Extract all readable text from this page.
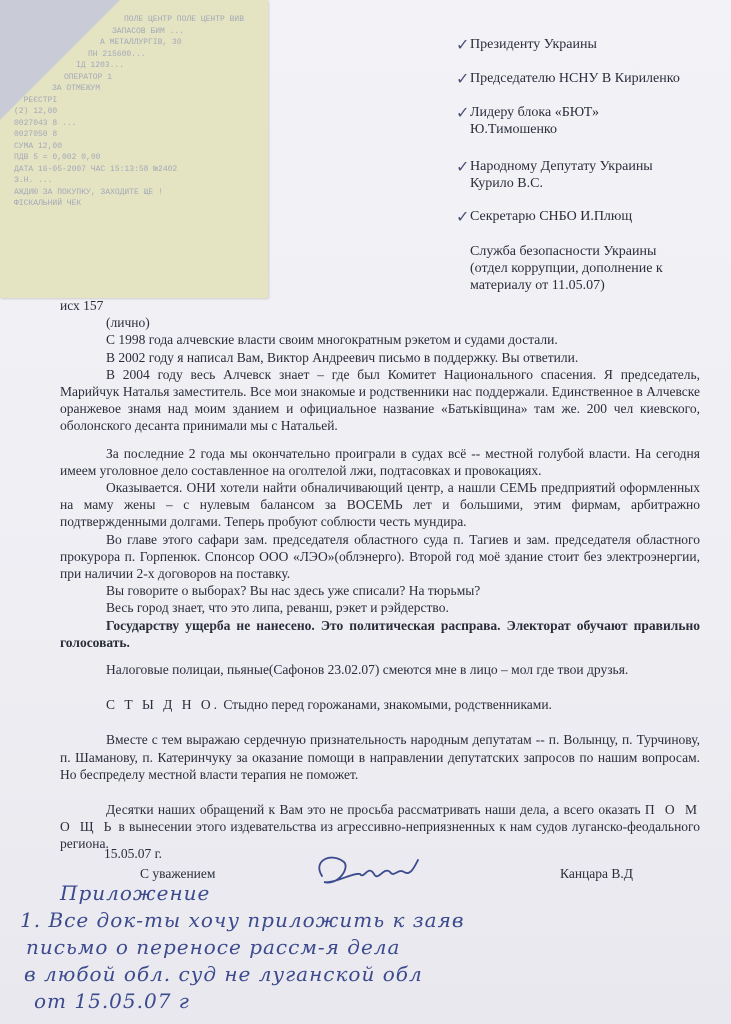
ПОЛЕ ЦЕНТР ПОЛЕ ЦЕНТР ВИВ
ЗАПАСОВ БИМ ...
А МЕТАЛЛУРГІВ, 30
ПН 215600...
ІД 1203...
ОПЕРАТОР 1
ЗА ОТМЕЖУМ
В РЕЄСТРІ
(2) 12,00
0027043 8 ...
0027050 8
СУМА 12,00
ПДВ 5 = 0,002 0,00
ДАТА 16-05-2007 ЧАС 15:13:58 №2402
З.Н. ...
АЖДИЮ ЗА ПОКУПКУ, ЗАХОДИТЕ ЩЕ !
ФІСКАЛЬНИЙ ЧЕК
✓ Президенту Украины
✓ Председателю НСНУ В Кириленко
✓ Лидеру блока «БЮТ»
Ю.Тимошенко
✓ Народному Депутату Украины
Курило В.С.
✓ Секретарю СНБО И.Плющ
Служба безопасности Украины
(отдел коррупции, дополнение к
материалу от 11.05.07)

исх 157

(лично)

С 1998 года алчевские власти своим многократным рэкетом и судами достали.

В 2002 году я написал Вам, Виктор Андреевич письмо в поддержку. Вы ответили.

В 2004 году весь Алчевск знает – где был Комитет Национального спасения. Я председатель, Марийчук Наталья заместитель. Все мои знакомые и родственники нас поддержали. Единственное в Алчевске оранжевое знамя над моим зданием и официальное название «Батьківщина» там же. 200 чел киевского, оболонского десанта принимали мы с Натальей.

За последние 2 года мы окончательно проиграли в судах всё -- местной голубой власти. На сегодня имеем уголовное дело составленное на оголтелой лжи, подтасовках и провокациях.

Оказывается. ОНИ хотели найти обналичивающий центр, а нашли СЕМЬ предприятий оформленных на маму жены – с нулевым балансом за ВОСЕМЬ лет и большими, этим фирмам, арбитражно подтвержденными долгами. Теперь пробуют соблюсти честь мундира.

Во главе этого сафари зам. председателя областного суда п. Тагиев и зам. председателя областного прокурора п. Горпенюк. Спонсор ООО «ЛЭО»(облэнерго). Второй год моё здание стоит без электроэнергии, при наличии 2-х договоров на поставку.

Вы говорите о выборах? Вы нас здесь уже списали? На тюрьмы?

Весь город знает, что это липа, реванш, рэкет и рэйдерство.

Государству ущерба не нанесено. Это политическая расправа. Электорат обучают правильно голосовать.

Налоговые полицаи, пьяные(Сафонов 23.02.07) смеются мне в лицо – мол где твои друзья.

С Т Ы Д Н О. Стыдно перед горожанами, знакомыми, родственниками.

Вместе с тем выражаю сердечную признательность народным депутатам -- п. Волынцу, п. Турчинову, п. Шаманову, п. Катеринчуку за оказание помощи в направлении депутатских запросов по нашим вопросам. Но беспределу местной власти терапия не поможет.

Десятки наших обращений к Вам это не просьба рассматривать наши дела, а всего оказать П О М О Щ Ь в вынесении этого издевательства из агрессивно-неприязненных к нам судов луганско-феодального региона.

15.05.07 г.
С уважением	Канцара В.Д
Приложение
1. Все док-ты хочу приложить к заяв
письмо о переносе рассм-я дела
в любой обл. суд не луганской обл
от 15.05.07 г
